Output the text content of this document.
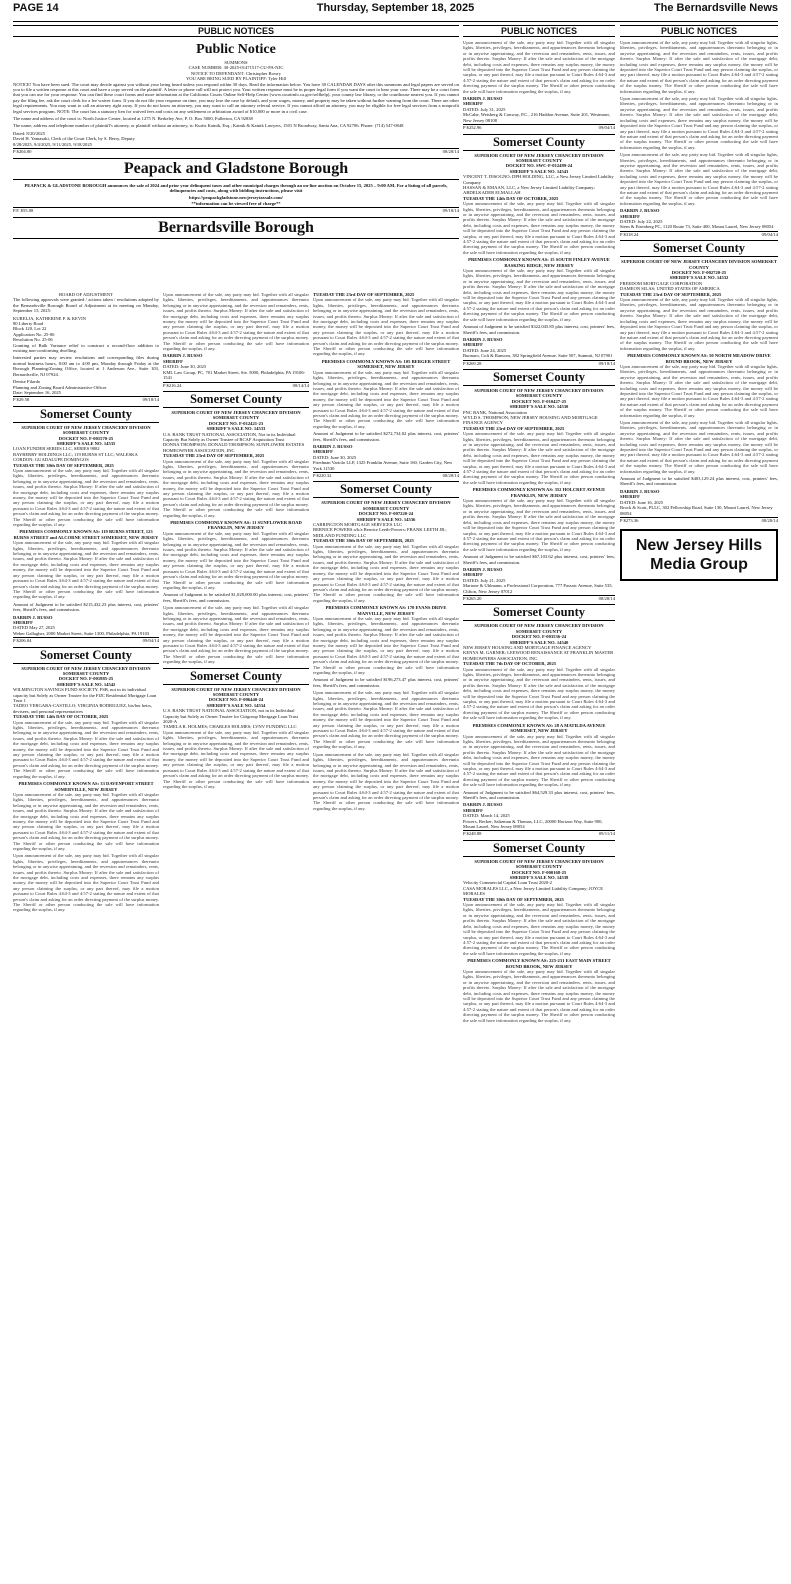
PAGE 14	Thursday, September 18, 2025	The Bernardsville News
PUBLIC NOTICES	PUBLIC NOTICES	PUBLIC NOTICES
Public Notice
SUMMONS
CASE NUMBER: 30-2025-01471517-CU-PA-NJC
NOTICE TO DEFENDANT: Christopher Rowry
YOU ARE BEING SUED BY PLAINTIFF: Tyler Hill

NOTICE! You have been sued. The court may decide against you without your being heard unless you respond within 30 days. Read the information below. You have 30 CALENDAR DAYS after this summons and legal papers are served on you to file a written response at this court and have a copy served on the plaintiff. A letter or phone call will not protect you. Your written response must be in proper legal form if you want the court to hear your case. There may be a court form that you can use for your response. You can find these court forms and more information at the California Courts Online Self-Help Center (www.courtinfo.ca.gov/selfhelp), your county law library, or the courthouse nearest you. If you cannot pay the filing fee, ask the court clerk for a fee waiver form. If you do not file your response on time, you may lose the case by default, and your wages, money, and property may be taken without further warning from the court. There are other legal requirements. You may want to call an attorney right away. If you do not know an attorney, you may want to call an attorney referral service. If you cannot afford an attorney, you may be eligible for free legal services from a nonprofit legal services program. NOTE: The court has a statutory lien for waived fees and costs on any settlement or arbitration award of $10,000 or more in a civil case.

The name and address of the court is: North Justice Center, located at 1275 N. Berkeley Ave, P. O. Box 5000, Fullerton, CA 92838

The name, address and telephone number of plaintiff's attorney, or plaintiff without an attorney, is: Kurtis Katnik, Esq.; Katnik & Katnik Lawyers, 1501 N Broadway, Santa Ana, CA 92706. Phone: (714) 547-0848

Dated: 8/20/2025
David H. Yamasaki, Clerk of the Court Clerk, by S. Berry, Deputy
8/28/2025, 9/4/2025, 9/11/2025, 9/18/2025
P $204.00	08/28/14
Peapack and Gladstone Borough

PEAPACK & GLADSTONE BOROUGH announces the sale of 2024 and prior year delinquent taxes and other municipal charges through an on-line auction on October 15, 2025 – 9:00 AM. For a listing of all parcels, delinquencies and costs, along with bidding instructions, please visit

https://peapackgladstone.newjerseytaxsale.com/
**information can be viewed free of charge**
P.F. $55.08	09/18/14
Bernardsville Borough
BOARD OF ADJUSTMENT

The following approvals were granted / actions taken / resolutions adopted by the Bernardsville Borough Board of Adjustment at its meeting on Monday, September 15, 2025:

KURELJA, KATHERINE P. & KEVIN
80 Liberty Road
Block 120, Lot 22
Application No. 25-06
Resolution No. 25-06

Granting of Bulk Variance relief to construct a second-floor addition to existing non-conforming dwelling.

Interested parties may review resolutions and corresponding files during normal business hours, 8:00 am to 4:00 pm, Monday through Friday at the Borough Planning/Zoning Office, located at 1 Anderson Ave., Suite 103, Bernardsville, NJ 07924.

Denise Filardo
Planning and Zoning Board Administrative Officer
Date: September 16, 2025
P $29.58	09/18/14
Somerset County
SUPERIOR COURT OF NEW JERSEY CHANCERY DIVISION SOMERSET COUNTY
DOCKET NO. F-001570-25
SHERIFF'S SALE NO. 14535
LOAN FUNDER SERIES LLC, SERIES 9802
BAYBERRY HOLDINGS LLC; 119 BURNS ST LLC; WALESKA CORDON; GUADALUPE DOMINGOS
TUESDAY THE 30th DAY OF SEPTEMBER, 2025

Upon announcement of the sale, any party may bid. Together with all singular lights, liberties, privileges, hereditaments, and appurtenances thereunto belonging or in anywise appertaining, and the reversion and remainders, rents, issues, and profits thereto. Surplus Money: If after the sale and satisfaction of the mortgage debt, including costs and expenses, there remains any surplus money, the money will be deposited into the Superior Court Trust Fund and any person claiming the surplus, or any part thereof, may file a motion pursuant to Court Rules 4:64-3 and 4:57-2 stating the nature and extent of that person's claim and asking for an order directing payment of the surplus money. The Sheriff or other person conducting the sale will have information regarding the surplus, if any.

PREMISES COMMONLY KNOWN AS: 119 BURNS STREET, 123 BURNS STREET and ALCORNE STREET SOMERSET, NEW JERSEY

Upon announcement of the sale, any party may bid. Together with all singular lights, liberties, privileges, hereditaments, and appurtenances thereunto belonging or in anywise appertaining, and the reversion and remainders, rents, issues, and profits thereto. Surplus Money: If after the sale and satisfaction of the mortgage debt, including costs and expenses, there remains any surplus money, the money will be deposited into the Superior Court Trust Fund and any person claiming the surplus, or any part thereof, may file a motion pursuant to Court Rules 4:64-3 and 4:57-2 stating the nature and extent of that person's claim and asking for an order directing payment of the surplus money. The Sheriff or other person conducting the sale will have information regarding the surplus, if any.

Amount of Judgment to be satisfied $215,432.23 plus interest, cost, printers' fees, Sheriff's fees, and commission.

DARRIN J. RUSSO
SHERIFF
DATED May 27, 2025
Weber Gallagher, 2000 Market Street, Suite 1300, Philadelphia, PA 19103
P $206.04	09/04/14
Somerset County
SUPERIOR COURT OF NEW JERSEY CHANCERY DIVISION SOMERSET COUNTY
DOCKET NO. F-001885-25
SHERIFF'S SALE NO. 14542
WILMINGTON SAVINGS FUND SOCIETY, FSB, not in its individual capacity but Solely as Owner Trustee for the FIJC Residential Mortgage Loan Trust 1
TADEO VERGARA-CASTILLO; VIRGINIA RODRIGUEZ, his/her heirs, devisees, and personal representatives
TUESDAY THE 14th DAY OF OCTOBER, 2025

Upon announcement of the sale, any party may bid. Together with all singular lights, liberties, privileges, hereditaments, and appurtenances thereunto belonging or in anywise appertaining, and the reversion and remainders, rents, issues, and profits thereto. Surplus Money: If after the sale and satisfaction of the mortgage debt, including costs and expenses, there remains any surplus money, the money will be deposited into the Superior Court Trust Fund and any person claiming the surplus, or any part thereof, may file a motion pursuant to Court Rules 4:64-3 and 4:57-2 stating the nature and extent of that person's claim and asking for an order directing payment of the surplus money. The Sheriff or other person conducting the sale will have information regarding the surplus, if any.

PREMISES COMMONLY KNOWN AS: 33 DAVENPORT STREET SOMERVILLE, NEW JERSEY

Upon announcement of the sale, any party may bid. Together with all singular lights, liberties, privileges, hereditaments, and appurtenances thereunto belonging or in anywise appertaining, and the reversion and remainders, rents, issues, and profits thereto. Surplus Money: If after the sale and satisfaction of the mortgage debt, including costs and expenses, there remains any surplus money, the money will be deposited into the Superior Court Trust Fund and any person claiming the surplus, or any part thereof, may file a motion pursuant to Court Rules 4:64-3 and 4:57-2 stating the nature and extent of that person's claim and asking for an order directing payment of the surplus money. The Sheriff or other person conducting the sale will have information regarding the surplus, if any.

Upon announcement of the sale, any party may bid. Together with all singular lights, liberties, privileges, hereditaments, and appurtenances thereunto belonging or in anywise appertaining, and the reversion and remainders, rents, issues, and profits thereto. Surplus Money: If after the sale and satisfaction of the mortgage debt, including costs and expenses, there remains any surplus money, the money will be deposited into the Superior Court Trust Fund and any person claiming the surplus, or any part thereof, may file a motion pursuant to Court Rules 4:64-3 and 4:57-2 stating the nature and extent of that person's claim and asking for an order directing payment of the surplus money. The Sheriff or other person conducting the sale will have information regarding the surplus, if any.

Upon announcement of the sale, any party may bid. Together with all singular lights, liberties, privileges, hereditaments, and appurtenances thereunto belonging or in anywise appertaining, and the reversion and remainders, rents, issues, and profits thereto. Surplus Money: If after the sale and satisfaction of the mortgage debt, including costs and expenses, there remains any surplus money, the money will be deposited into the Superior Court Trust Fund and any person claiming the surplus, or any part thereof, may file a motion pursuant to Court Rules 4:64-3 and 4:57-2 stating the nature and extent of that person's claim and asking for an order directing payment of the surplus money. The Sheriff or other person conducting the sale will have information regarding the surplus, if any.

DARRIN J. RUSSO
SHERIFF
DATED: June 30, 2025
KML Law Group, PC, 701 Market Street, Ste. 5000, Philadelphia, PA 19106-1541
P $216.24	08/14/14
Somerset County
SUPERIOR COURT OF NEW JERSEY CHANCERY DIVISION SOMERSET COUNTY
DOCKET NO. F-012421-23
SHERIFF'S SALE NO. 14533
U.S. BANK TRUST NATIONAL ASSOCIATION, Not in its Individual Capacity But Solely as Owner Trustee of RCAF Acquisition Trust
DONNA THOMPSON; DONALD THOMPSON; SUNFLOWER ESTATES HOMEOWNER ASSOCIATION, INC
TUESDAY THE 23rd DAY OF SEPTEMBER, 2025

Upon announcement of the sale, any party may bid. Together with all singular lights, liberties, privileges, hereditaments, and appurtenances thereunto belonging or in anywise appertaining, and the reversion and remainders, rents, issues, and profits thereto. Surplus Money: If after the sale and satisfaction of the mortgage debt, including costs and expenses, there remains any surplus money, the money will be deposited into the Superior Court Trust Fund and any person claiming the surplus, or any part thereof, may file a motion pursuant to Court Rules 4:64-3 and 4:57-2 stating the nature and extent of that person's claim and asking for an order directing payment of the surplus money. The Sheriff or other person conducting the sale will have information regarding the surplus, if any.

PREMISES COMMONLY KNOWN AS: 11 SUNFLOWER ROAD FRANKLIN, NEW JERSEY

Upon announcement of the sale, any party may bid. Together with all singular lights, liberties, privileges, hereditaments, and appurtenances thereunto belonging or in anywise appertaining, and the reversion and remainders, rents, issues, and profits thereto. Surplus Money: If after the sale and satisfaction of the mortgage debt, including costs and expenses, there remains any surplus money, the money will be deposited into the Superior Court Trust Fund and any person claiming the surplus, or any part thereof, may file a motion pursuant to Court Rules 4:64-3 and 4:57-2 stating the nature and extent of that person's claim and asking for an order directing payment of the surplus money. The Sheriff or other person conducting the sale will have information regarding the surplus, if any.

Amount of Judgment to be satisfied $1,028,000.00 plus interest, cost, printers' fees, Sheriff's fees, and commission.

Upon announcement of the sale, any party may bid. Together with all singular lights, liberties, privileges, hereditaments, and appurtenances thereunto belonging or in anywise appertaining, and the reversion and remainders, rents, issues, and profits thereto. Surplus Money: If after the sale and satisfaction of the mortgage debt, including costs and expenses, there remains any surplus money, the money will be deposited into the Superior Court Trust Fund and any person claiming the surplus, or any part thereof, may file a motion pursuant to Court Rules 4:64-3 and 4:57-2 stating the nature and extent of that person's claim and asking for an order directing payment of the surplus money. The Sheriff or other person conducting the sale will have information regarding the surplus, if any.

Somerset County
SUPERIOR COURT OF NEW JERSEY CHANCERY DIVISION SOMERSET COUNTY
DOCKET NO. F-006440-24
SHERIFF'S SALE NO. 14534
U.S. BANK TRUST NATIONAL ASSOCIATION, not in its Individual Capacity but Solely as Owner Trustee for Citigroup Mortgage Loan Trust 2020-A
TAMELA R. HOLMES; CHARLES HOLMES; LVNV FUNDING LLC

Upon announcement of the sale, any party may bid. Together with all singular lights, liberties, privileges, hereditaments, and appurtenances thereunto belonging or in anywise appertaining, and the reversion and remainders, rents, issues, and profits thereto. Surplus Money: If after the sale and satisfaction of the mortgage debt, including costs and expenses, there remains any surplus money, the money will be deposited into the Superior Court Trust Fund and any person claiming the surplus, or any part thereof, may file a motion pursuant to Court Rules 4:64-3 and 4:57-2 stating the nature and extent of that person's claim and asking for an order directing payment of the surplus money. The Sheriff or other person conducting the sale will have information regarding the surplus, if any.

TUESDAY THE 23rd DAY OF SEPTEMBER, 2025

Upon announcement of the sale, any party may bid. Together with all singular lights, liberties, privileges, hereditaments, and appurtenances thereunto belonging or in anywise appertaining, and the reversion and remainders, rents, issues, and profits thereto. Surplus Money: If after the sale and satisfaction of the mortgage debt, including costs and expenses, there remains any surplus money, the money will be deposited into the Superior Court Trust Fund and any person claiming the surplus, or any part thereof, may file a motion pursuant to Court Rules 4:64-3 and 4:57-2 stating the nature and extent of that person's claim and asking for an order directing payment of the surplus money. The Sheriff or other person conducting the sale will have information regarding the surplus, if any.

PREMISES COMMONLY KNOWN AS: 105 BERGER STREET SOMERSET, NEW JERSEY

Upon announcement of the sale, any party may bid. Together with all singular lights, liberties, privileges, hereditaments, and appurtenances thereunto belonging or in anywise appertaining, and the reversion and remainders, rents, issues, and profits thereto. Surplus Money: If after the sale and satisfaction of the mortgage debt, including costs and expenses, there remains any surplus money, the money will be deposited into the Superior Court Trust Fund and any person claiming the surplus, or any part thereof, may file a motion pursuant to Court Rules 4:64-3 and 4:57-2 stating the nature and extent of that person's claim and asking for an order directing payment of the surplus money. The Sheriff or other person conducting the sale will have information regarding the surplus, if any.

Amount of Judgment to be satisfied $272,734.02 plus interest, cost, printers' fees, Sheriff's fees, and commission.

DARRIN J. RUSSO
SHERIFF
DATED: June 30, 2025
Friedman Vartolo LLP, 1325 Franklin Avenue, Suite 160, Garden City, New York 11530
P $220.32	08/28/14
Somerset County
SUPERIOR COURT OF NEW JERSEY CHANCERY DIVISION SOMERSET COUNTY
DOCKET NO. F-007220-24
SHERIFF'S SALE NO. 14536
CARRINGTON MORTGAGE SERVICES LLC
BERNICE POWERS a/k/a Bernice Leeth-Powers; FRANK LEETH JR.; MIDLAND FUNDING LLC
TUESDAY THE 30th DAY OF SEPTEMBER, 2025

Upon announcement of the sale, any party may bid. Together with all singular lights, liberties, privileges, hereditaments, and appurtenances thereunto belonging or in anywise appertaining, and the reversion and remainders, rents, issues, and profits thereto. Surplus Money: If after the sale and satisfaction of the mortgage debt, including costs and expenses, there remains any surplus money, the money will be deposited into the Superior Court Trust Fund and any person claiming the surplus, or any part thereof, may file a motion pursuant to Court Rules 4:64-3 and 4:57-2 stating the nature and extent of that person's claim and asking for an order directing payment of the surplus money. The Sheriff or other person conducting the sale will have information regarding the surplus, if any.

PREMISES COMMONLY KNOWN AS: 170 EVANS DRIVE MANVILLE, NEW JERSEY

Upon announcement of the sale, any party may bid. Together with all singular lights, liberties, privileges, hereditaments, and appurtenances thereunto belonging or in anywise appertaining, and the reversion and remainders, rents, issues, and profits thereto. Surplus Money: If after the sale and satisfaction of the mortgage debt, including costs and expenses, there remains any surplus money, the money will be deposited into the Superior Court Trust Fund and any person claiming the surplus, or any part thereof, may file a motion pursuant to Court Rules 4:64-3 and 4:57-2 stating the nature and extent of that person's claim and asking for an order directing payment of the surplus money. The Sheriff or other person conducting the sale will have information regarding the surplus, if any.

Amount of Judgment to be satisfied $196,273.47 plus interest, cost, printers' fees, Sheriff's fees, and commission.

Upon announcement of the sale, any party may bid. Together with all singular lights, liberties, privileges, hereditaments, and appurtenances thereunto belonging or in anywise appertaining, and the reversion and remainders, rents, issues, and profits thereto. Surplus Money: If after the sale and satisfaction of the mortgage debt, including costs and expenses, there remains any surplus money, the money will be deposited into the Superior Court Trust Fund and any person claiming the surplus, or any part thereof, may file a motion pursuant to Court Rules 4:64-3 and 4:57-2 stating the nature and extent of that person's claim and asking for an order directing payment of the surplus money. The Sheriff or other person conducting the sale will have information regarding the surplus, if any.

Upon announcement of the sale, any party may bid. Together with all singular lights, liberties, privileges, hereditaments, and appurtenances thereunto belonging or in anywise appertaining, and the reversion and remainders, rents, issues, and profits thereto. Surplus Money: If after the sale and satisfaction of the mortgage debt, including costs and expenses, there remains any surplus money, the money will be deposited into the Superior Court Trust Fund and any person claiming the surplus, or any part thereof, may file a motion pursuant to Court Rules 4:64-3 and 4:57-2 stating the nature and extent of that person's claim and asking for an order directing payment of the surplus money. The Sheriff or other person conducting the sale will have information regarding the surplus, if any.

Upon announcement of the sale, any party may bid. Together with all singular lights, liberties, privileges, hereditaments, and appurtenances thereunto belonging or in anywise appertaining, and the reversion and remainders, rents, issues, and profits thereto. Surplus Money: If after the sale and satisfaction of the mortgage debt, including costs and expenses, there remains any surplus money, the money will be deposited into the Superior Court Trust Fund and any person claiming the surplus, or any part thereof, may file a motion pursuant to Court Rules 4:64-3 and 4:57-2 stating the nature and extent of that person's claim and asking for an order directing payment of the surplus money. The Sheriff or other person conducting the sale will have information regarding the surplus, if any.

DARRIN J. RUSSO
SHERIFF
DATED: July 31, 2025
McCabe, Weisberg & Conway, P.C., 216 Haddon Avenue, Suite 201, Westmont, New Jersey 08108
P $252.96	09/04/14
Somerset County
SUPERIOR COURT OF NEW JERSEY CHANCERY DIVISION SOMERSET COUNTY
DOCKET NO. SWC-F-012489-24
SHERIFF'S SALE NO. 14543
VINCENT T. DISOGNO; DPH HOLDING, LLC, a New Jersey Limited Liability Company
HASSAN & EMAAN, LLC, a New Jersey Limited Liability Company; ABDELKADER ELMALLAH
TUESDAY THE 14th DAY OF OCTOBER, 2025

Upon announcement of the sale, any party may bid. Together with all singular lights, liberties, privileges, hereditaments, and appurtenances thereunto belonging or in anywise appertaining, and the reversion and remainders, rents, issues, and profits thereto. Surplus Money: If after the sale and satisfaction of the mortgage debt, including costs and expenses, there remains any surplus money, the money will be deposited into the Superior Court Trust Fund and any person claiming the surplus, or any part thereof, may file a motion pursuant to Court Rules 4:64-3 and 4:57-2 stating the nature and extent of that person's claim and asking for an order directing payment of the surplus money. The Sheriff or other person conducting the sale will have information regarding the surplus, if any.

PREMISES COMMONLY KNOWN AS: 15 SOUTH FINLEY AVENUE BASKING RIDGE, NEW JERSEY

Upon announcement of the sale, any party may bid. Together with all singular lights, liberties, privileges, hereditaments, and appurtenances thereunto belonging or in anywise appertaining, and the reversion and remainders, rents, issues, and profits thereto. Surplus Money: If after the sale and satisfaction of the mortgage debt, including costs and expenses, there remains any surplus money, the money will be deposited into the Superior Court Trust Fund and any person claiming the surplus, or any part thereof, may file a motion pursuant to Court Rules 4:64-3 and 4:57-2 stating the nature and extent of that person's claim and asking for an order directing payment of the surplus money. The Sheriff or other person conducting the sale will have information regarding the surplus, if any.

Amount of Judgment to be satisfied $322,045.85 plus interest, cost, printers' fees, Sheriff's fees, and commission.

DARRIN J. RUSSO
SHERIFF
DATED: June 24, 2025
Buonaro, Colt & Ransom, 382 Springfield Avenue, Suite 507, Summit, NJ 07901
P $269.28	09/18/14
Somerset County
SUPERIOR COURT OF NEW JERSEY CHANCERY DIVISION SOMERSET COUNTY
DOCKET NO. F-010427-25
SHERIFF'S SALE NO. 14530
PNC BANK, National Association
WYLD S. THOMPSON; NEW JERSEY HOUSING AND MORTGAGE FINANCE AGENCY
TUESDAY THE 23rd DAY OF SEPTEMBER, 2025

Upon announcement of the sale, any party may bid. Together with all singular lights, liberties, privileges, hereditaments, and appurtenances thereunto belonging or in anywise appertaining, and the reversion and remainders, rents, issues, and profits thereto. Surplus Money: If after the sale and satisfaction of the mortgage debt, including costs and expenses, there remains any surplus money, the money will be deposited into the Superior Court Trust Fund and any person claiming the surplus, or any part thereof, may file a motion pursuant to Court Rules 4:64-3 and 4:57-2 stating the nature and extent of that person's claim and asking for an order directing payment of the surplus money. The Sheriff or other person conducting the sale will have information regarding the surplus, if any.

PREMISES COMMONLY KNOWN AS: 352 HOLCRET AVENUE FRANKLIN, NEW JERSEY

Upon announcement of the sale, any party may bid. Together with all singular lights, liberties, privileges, hereditaments, and appurtenances thereunto belonging or in anywise appertaining, and the reversion and remainders, rents, issues, and profits thereto. Surplus Money: If after the sale and satisfaction of the mortgage debt, including costs and expenses, there remains any surplus money, the money will be deposited into the Superior Court Trust Fund and any person claiming the surplus, or any part thereof, may file a motion pursuant to Court Rules 4:64-3 and 4:57-2 stating the nature and extent of that person's claim and asking for an order directing payment of the surplus money. The Sheriff or other person conducting the sale will have information regarding the surplus, if any.

Amount of Judgment to be satisfied $67,103.62 plus interest, cost, printers' fees, Sheriff's fees, and commission.

DARRIN J. RUSSO
SHERIFF
DATED: July 21, 2025
Martone & Uhlmann, a Professional Corporation, 777 Passaic Avenue, Suite 535, Clifton, New Jersey 07012
P $265.20	08/28/14
Somerset County
SUPERIOR COURT OF NEW JERSEY CHANCERY DIVISION SOMERSET COUNTY
DOCKET NO. F-003536-24
SHERIFF'S SALE NO. 14540
NEW JERSEY HOUSING AND MORTGAGE FINANCE AGENCY
KENYA M. GARNER; LEEWOOD RENAISSANCE AT FRANKLIN MASTER HOMEOWNERS ASSOCIATION, INC.
TUESDAY THE 7th DAY OF OCTOBER, 2025

Upon announcement of the sale, any party may bid. Together with all singular lights, liberties, privileges, hereditaments, and appurtenances thereunto belonging or in anywise appertaining, and the reversion and remainders, rents, issues, and profits thereto. Surplus Money: If after the sale and satisfaction of the mortgage debt, including costs and expenses, there remains any surplus money, the money will be deposited into the Superior Court Trust Fund and any person claiming the surplus, or any part thereof, may file a motion pursuant to Court Rules 4:64-3 and 4:57-2 stating the nature and extent of that person's claim and asking for an order directing payment of the surplus money. The Sheriff or other person conducting the sale will have information regarding the surplus, if any.

PREMISES COMMONLY KNOWN AS: 28 A MATILDA AVENUE SOMERSET, NEW JERSEY

Upon announcement of the sale, any party may bid. Together with all singular lights, liberties, privileges, hereditaments, and appurtenances thereunto belonging or in anywise appertaining, and the reversion and remainders, rents, issues, and profits thereto. Surplus Money: If after the sale and satisfaction of the mortgage debt, including costs and expenses, there remains any surplus money, the money will be deposited into the Superior Court Trust Fund and any person claiming the surplus, or any part thereof, may file a motion pursuant to Court Rules 4:64-3 and 4:57-2 stating the nature and extent of that person's claim and asking for an order directing payment of the surplus money. The Sheriff or other person conducting the sale will have information regarding the surplus, if any.

Amount of Judgment to be satisfied $64,529.33 plus interest, cost, printers' fees, Sheriff's fees, and commission.

DARRIN J. RUSSO
SHERIFF
DATED: March 14, 2025
Powers, Becker, Saltzman & Thomas, LLC, 20000 Horizon Way, Suite 900, Mount Laurel, New Jersey 08054
P $248.88	09/11/14
Somerset County
SUPERIOR COURT OF NEW JERSEY CHANCERY DIVISION SOMERSET COUNTY
DOCKET NO. F-000168-25
SHERIFF'S SALE NO. 14538
Velocity Commercial Capital Loan Trust 2020-2
CASA MORALES LLC, a New Jersey Limited Liability Company; JOYCE MORALES
TUESDAY THE 30th DAY OF SEPTEMBER, 2025

Upon announcement of the sale, any party may bid. Together with all singular lights, liberties, privileges, hereditaments, and appurtenances thereunto belonging or in anywise appertaining, and the reversion and remainders, rents, issues, and profits thereto. Surplus Money: If after the sale and satisfaction of the mortgage debt, including costs and expenses, there remains any surplus money, the money will be deposited into the Superior Court Trust Fund and any person claiming the surplus, or any part thereof, may file a motion pursuant to Court Rules 4:64-3 and 4:57-2 stating the nature and extent of that person's claim and asking for an order directing payment of the surplus money. The Sheriff or other person conducting the sale will have information regarding the surplus, if any.

PREMISES COMMONLY KNOWN AS: 225-231 EAST MAIN STREET BOUND BROOK, NEW JERSEY

Upon announcement of the sale, any party may bid. Together with all singular lights, liberties, privileges, hereditaments, and appurtenances thereunto belonging or in anywise appertaining, and the reversion and remainders, rents, issues, and profits thereto. Surplus Money: If after the sale and satisfaction of the mortgage debt, including costs and expenses, there remains any surplus money, the money will be deposited into the Superior Court Trust Fund and any person claiming the surplus, or any part thereof, may file a motion pursuant to Court Rules 4:64-3 and 4:57-2 stating the nature and extent of that person's claim and asking for an order directing payment of the surplus money. The Sheriff or other person conducting the sale will have information regarding the surplus, if any.

Upon announcement of the sale, any party may bid. Together with all singular lights, liberties, privileges, hereditaments, and appurtenances thereunto belonging or in anywise appertaining, and the reversion and remainders, rents, issues, and profits thereto. Surplus Money: If after the sale and satisfaction of the mortgage debt, including costs and expenses, there remains any surplus money, the money will be deposited into the Superior Court Trust Fund and any person claiming the surplus, or any part thereof, may file a motion pursuant to Court Rules 4:64-3 and 4:57-2 stating the nature and extent of that person's claim and asking for an order directing payment of the surplus money. The Sheriff or other person conducting the sale will have information regarding the surplus, if any.

Upon announcement of the sale, any party may bid. Together with all singular lights, liberties, privileges, hereditaments, and appurtenances thereunto belonging or in anywise appertaining, and the reversion and remainders, rents, issues, and profits thereto. Surplus Money: If after the sale and satisfaction of the mortgage debt, including costs and expenses, there remains any surplus money, the money will be deposited into the Superior Court Trust Fund and any person claiming the surplus, or any part thereof, may file a motion pursuant to Court Rules 4:64-3 and 4:57-2 stating the nature and extent of that person's claim and asking for an order directing payment of the surplus money. The Sheriff or other person conducting the sale will have information regarding the surplus, if any.

Upon announcement of the sale, any party may bid. Together with all singular lights, liberties, privileges, hereditaments, and appurtenances thereunto belonging or in anywise appertaining, and the reversion and remainders, rents, issues, and profits thereto. Surplus Money: If after the sale and satisfaction of the mortgage debt, including costs and expenses, there remains any surplus money, the money will be deposited into the Superior Court Trust Fund and any person claiming the surplus, or any part thereof, may file a motion pursuant to Court Rules 4:64-3 and 4:57-2 stating the nature and extent of that person's claim and asking for an order directing payment of the surplus money. The Sheriff or other person conducting the sale will have information regarding the surplus, if any.

DARRIN J. RUSSO
SHERIFF
DATED: July 22, 2025
Stern & Eisenberg PC, 1120 Route 73, Suite 400, Mount Laurel, New Jersey 08054
P $318.24	09/04/14
Somerset County
SUPERIOR COURT OF NEW JERSEY CHANCERY DIVISION SOMERSET COUNTY
DOCKET NO. F-002720-25
SHERIFF'S SALE NO. 14532
FREEDOM MORTGAGE CORPORATION
DAMEON SILAS; UNITED STATES OF AMERICA
TUESDAY THE 23rd DAY OF SEPTEMBER, 2025

Upon announcement of the sale, any party may bid. Together with all singular lights, liberties, privileges, hereditaments, and appurtenances thereunto belonging or in anywise appertaining, and the reversion and remainders, rents, issues, and profits thereto. Surplus Money: If after the sale and satisfaction of the mortgage debt, including costs and expenses, there remains any surplus money, the money will be deposited into the Superior Court Trust Fund and any person claiming the surplus, or any part thereof, may file a motion pursuant to Court Rules 4:64-3 and 4:57-2 stating the nature and extent of that person's claim and asking for an order directing payment of the surplus money. The Sheriff or other person conducting the sale will have information regarding the surplus, if any.

PREMISES COMMONLY KNOWN AS: 50 NORTH MEADOW DRIVE BOUND BROOK, NEW JERSEY

Upon announcement of the sale, any party may bid. Together with all singular lights, liberties, privileges, hereditaments, and appurtenances thereunto belonging or in anywise appertaining, and the reversion and remainders, rents, issues, and profits thereto. Surplus Money: If after the sale and satisfaction of the mortgage debt, including costs and expenses, there remains any surplus money, the money will be deposited into the Superior Court Trust Fund and any person claiming the surplus, or any part thereof, may file a motion pursuant to Court Rules 4:64-3 and 4:57-2 stating the nature and extent of that person's claim and asking for an order directing payment of the surplus money. The Sheriff or other person conducting the sale will have information regarding the surplus, if any.

Upon announcement of the sale, any party may bid. Together with all singular lights, liberties, privileges, hereditaments, and appurtenances thereunto belonging or in anywise appertaining, and the reversion and remainders, rents, issues, and profits thereto. Surplus Money: If after the sale and satisfaction of the mortgage debt, including costs and expenses, there remains any surplus money, the money will be deposited into the Superior Court Trust Fund and any person claiming the surplus, or any part thereof, may file a motion pursuant to Court Rules 4:64-3 and 4:57-2 stating the nature and extent of that person's claim and asking for an order directing payment of the surplus money. The Sheriff or other person conducting the sale will have information regarding the surplus, if any.

Amount of Judgment to be satisfied $403,129.24 plus interest, cost, printers' fees, Sheriff's fees, and commission.

DARRIN J. RUSSO
SHERIFF
DATED: June 16, 2025
Brock & Scott, PLLC, 302 Fellowship Road, Suite 130, Mount Laurel, New Jersey 08054
P $273.36	08/28/14
New Jersey Hills Media Group
